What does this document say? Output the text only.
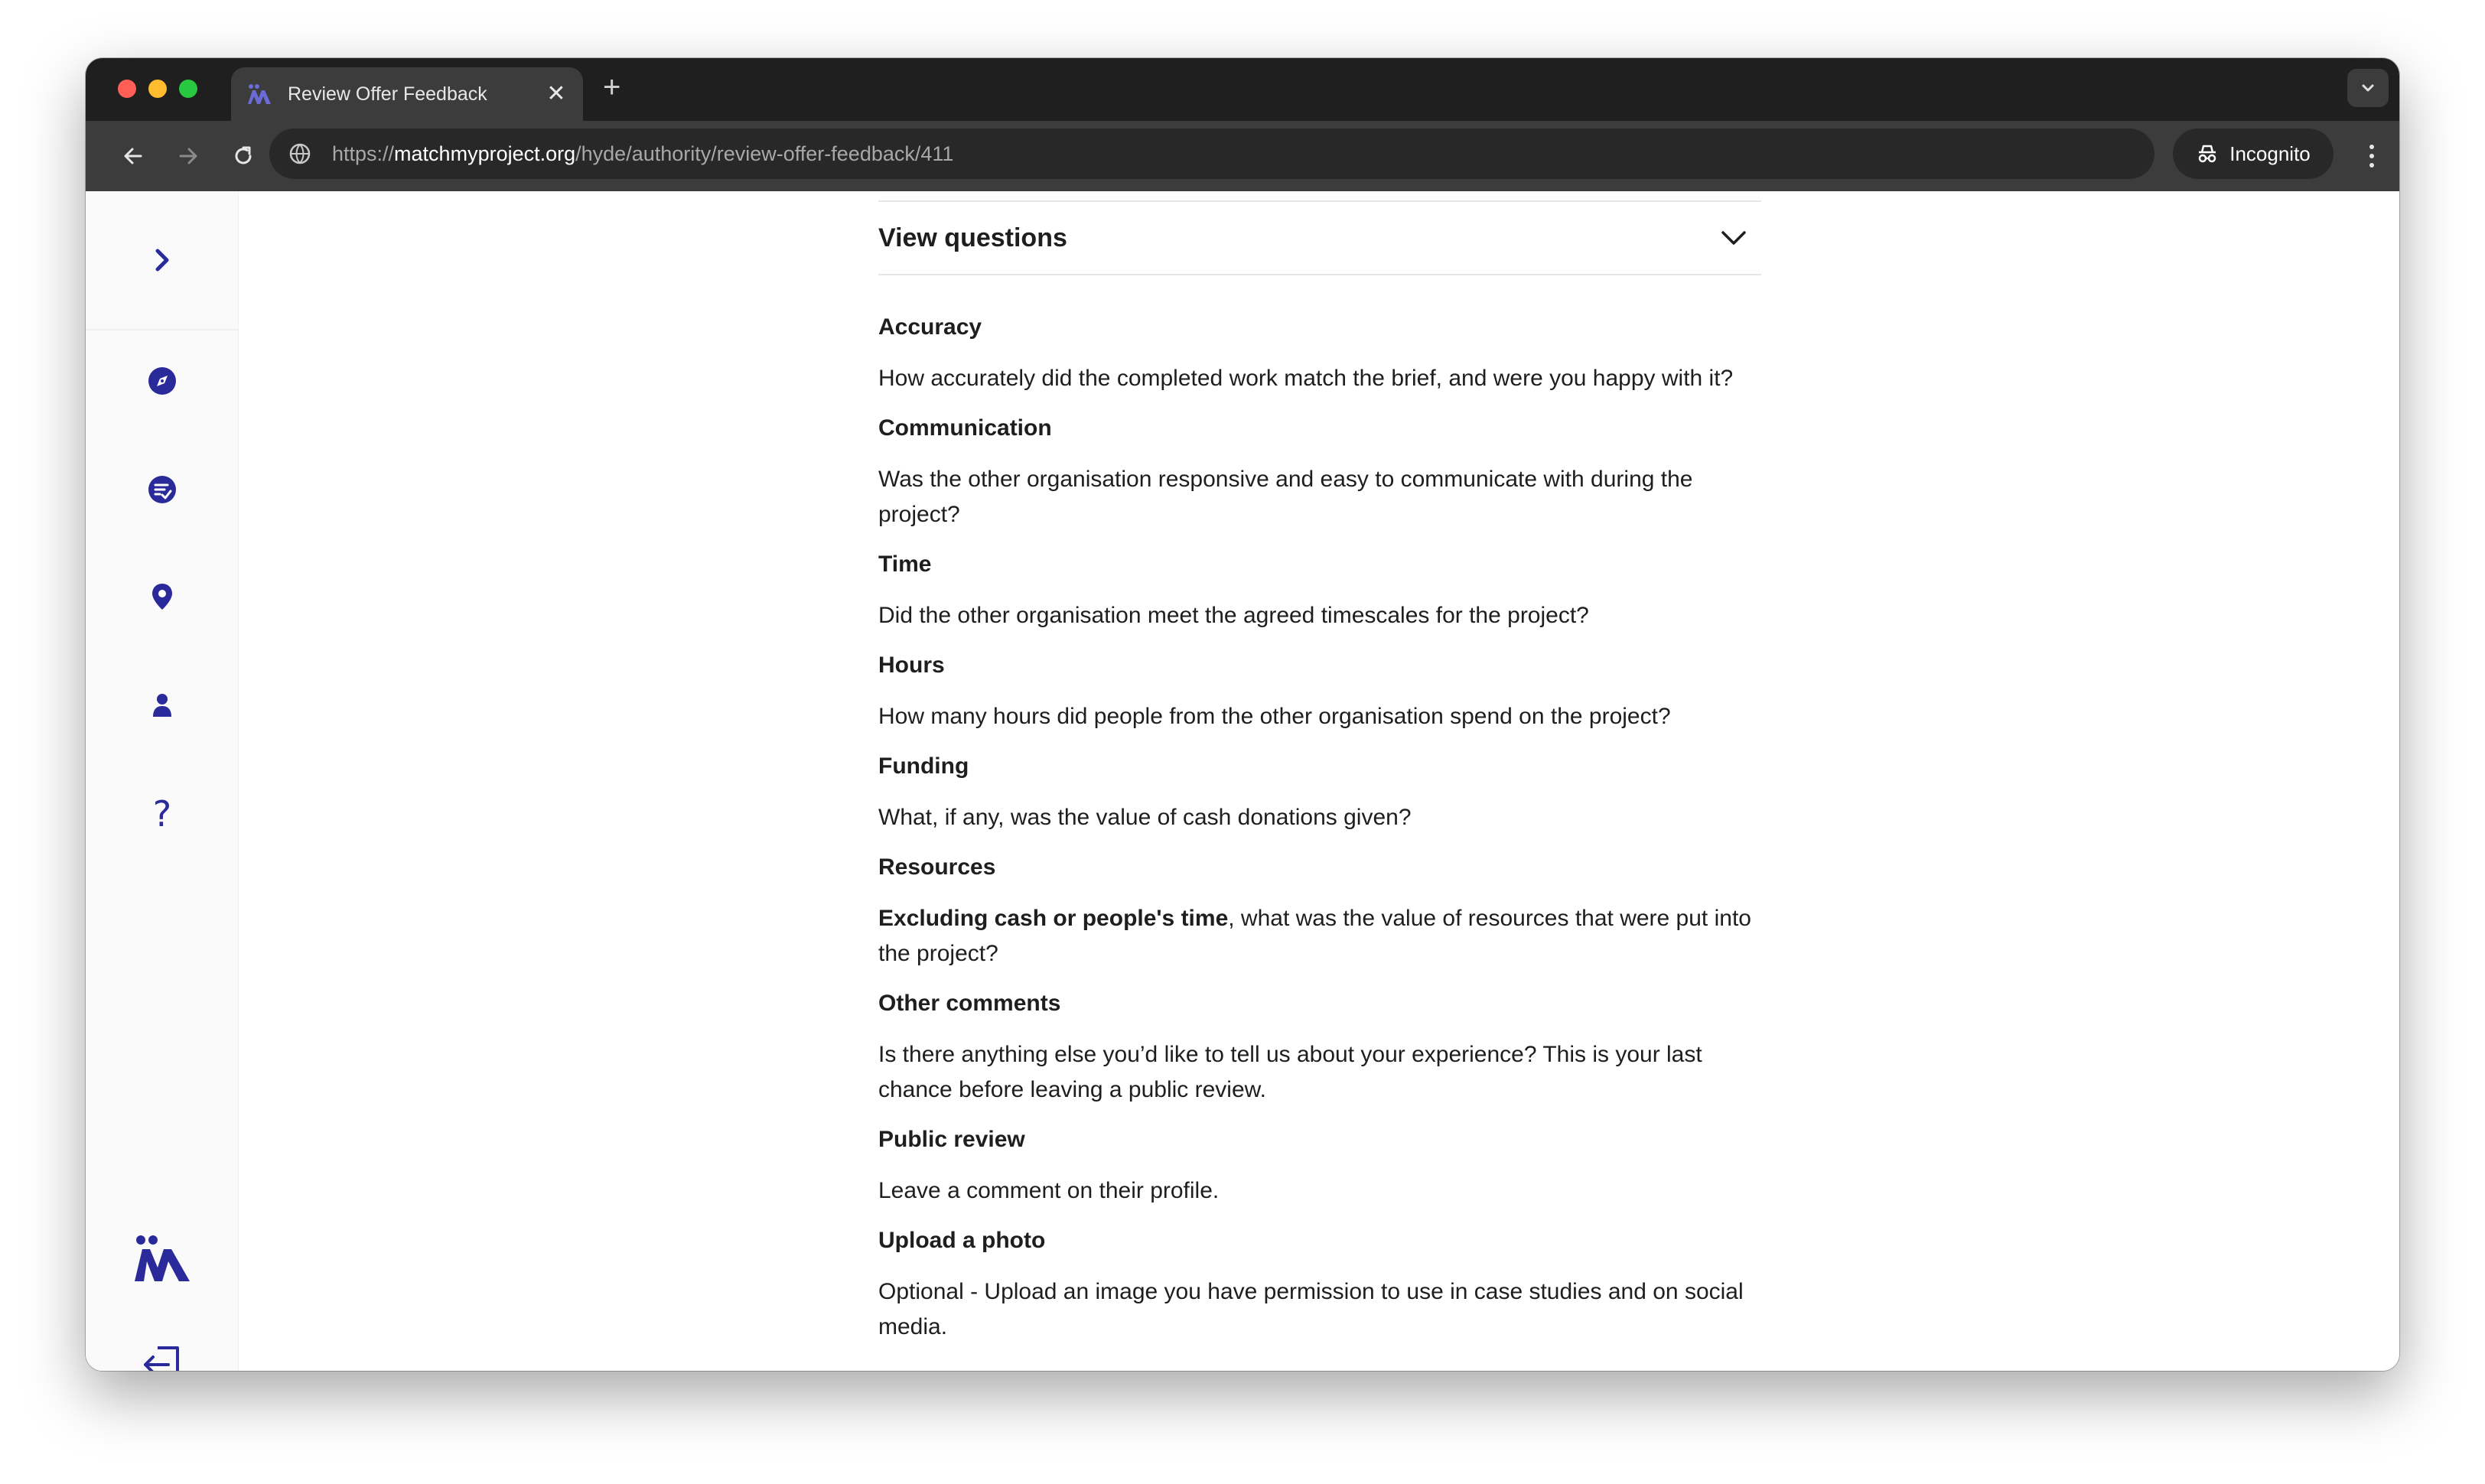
Review Offer Feedback	✕ +
https://matchmyproject.org/hyde/authority/review-offer-feedback/411	Incognito
?
View questions
Accuracy
How accurately did the completed work match the brief, and were you happy with it?
Communication
Was the other organisation responsive and easy to communicate with during the project?
Time
Did the other organisation meet the agreed timescales for the project?
Hours
How many hours did people from the other organisation spend on the project?
Funding
What, if any, was the value of cash donations given?
Resources
Excluding cash or people's time, what was the value of resources that were put into the project?
Other comments
Is there anything else you’d like to tell us about your experience? This is your last chance before leaving a public review.
Public review
Leave a comment on their profile.
Upload a photo
Optional - Upload an image you have permission to use in case studies and on social media.
